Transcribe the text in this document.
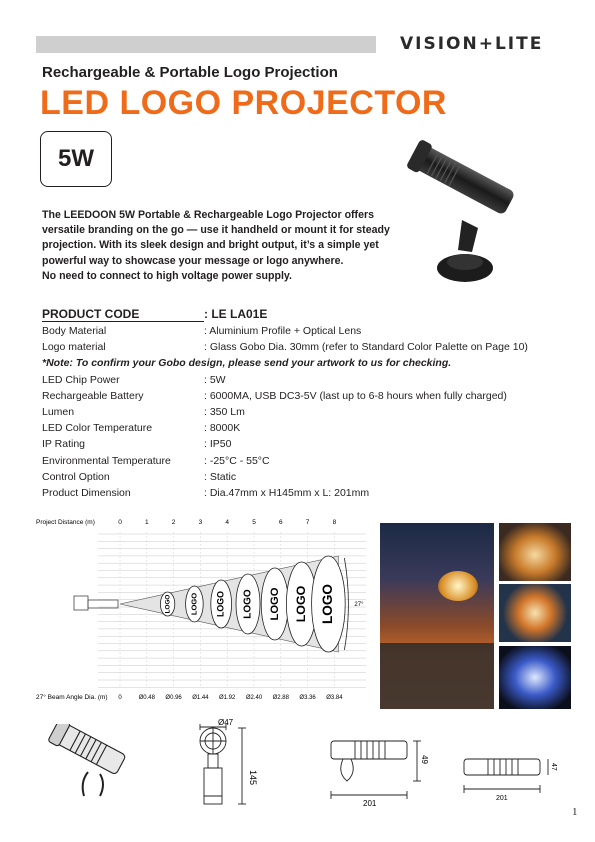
VISION+LITE
Rechargeable & Portable Logo Projection
LED LOGO PROJECTOR
5W
The LEEDOON 5W Portable & Rechargeable Logo Projector offers
versatile branding on the go — use it handheld or mount it for steady
projection. With its sleek design and bright output, it’s a simple yet
powerful way to showcase your message or logo anywhere.
No need to connect to high voltage power supply.
PRODUCT CODE	: LE LA01E
Body Material	: Aluminium Profile + Optical Lens
Logo material	: Glass Gobo Dia. 30mm (refer to Standard Color Palette on Page 10)
*Note: To confirm your Gobo design, please send your artwork to us for checking.
LED Chip Power	: 5W
Rechargeable Battery	: 6000MA, USB DC3-5V (last up to 6-8 hours when fully charged)
Lumen	: 350 Lm
LED Color Temperature	: 8000K
IP Rating	: IP50
Environmental Temperature	: -25°C - 55°C
Control Option	: Static
Product Dimension	: Dia.47mm x H145mm x L: 201mm
Project Distance (m)	0	1	2	3	4	5	6	7	8
LOGO LOGO LOGO LOGO LOGO LOGO LOGO	27°
27° Beam Angle Dia. (m) 0	Ø0.48 Ø0.96 Ø1.44 Ø1.92 Ø2.40 Ø2.88 Ø3.36 Ø3.84
Ø47
145
201
49
201
47
1
